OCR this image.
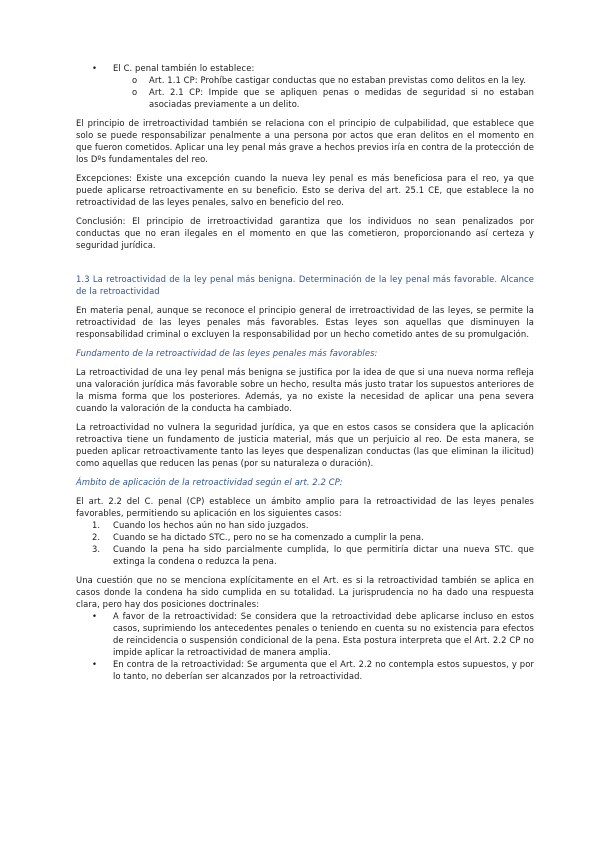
• El C. penal también lo establece:
o Art. 1.1 CP: Prohíbe castigar conductas que no estaban previstas como delitos en la ley.
o Art. 2.1 CP: Impide que se apliquen penas o medidas de seguridad si no estaban asociadas previamente a un delito.

El principio de irretroactividad también se relaciona con el principio de culpabilidad, que establece que solo se puede responsabilizar penalmente a una persona por actos que eran delitos en el momento en que fueron cometidos. Aplicar una ley penal más grave a hechos previos iría en contra de la protección de los Dºs fundamentales del reo.

Excepciones: Existe una excepción cuando la nueva ley penal es más beneficiosa para el reo, ya que puede aplicarse retroactivamente en su beneficio. Esto se deriva del art. 25.1 CE, que establece la no retroactividad de las leyes penales, salvo en beneficio del reo.

Conclusión: El principio de irretroactividad garantiza que los individuos no sean penalizados por conductas que no eran ilegales en el momento en que las cometieron, proporcionando así certeza y seguridad jurídica.

1.3 La retroactividad de la ley penal más benigna. Determinación de la ley penal más favorable. Alcance de la retroactividad

En materia penal, aunque se reconoce el principio general de irretroactividad de las leyes, se permite la retroactividad de las leyes penales más favorables. Estas leyes son aquellas que disminuyen la responsabilidad criminal o excluyen la responsabilidad por un hecho cometido antes de su promulgación.

Fundamento de la retroactividad de las leyes penales más favorables:

La retroactividad de una ley penal más benigna se justifica por la idea de que si una nueva norma refleja una valoración jurídica más favorable sobre un hecho, resulta más justo tratar los supuestos anteriores de la misma forma que los posteriores. Además, ya no existe la necesidad de aplicar una pena severa cuando la valoración de la conducta ha cambiado.

La retroactividad no vulnera la seguridad jurídica, ya que en estos casos se considera que la aplicación retroactiva tiene un fundamento de justicia material, más que un perjuicio al reo. De esta manera, se pueden aplicar retroactivamente tanto las leyes que despenalizan conductas (las que eliminan la ilicitud) como aquellas que reducen las penas (por su naturaleza o duración).

Ámbito de aplicación de la retroactividad según el art. 2.2 CP:

El art. 2.2 del C. penal (CP) establece un ámbito amplio para la retroactividad de las leyes penales favorables, permitiendo su aplicación en los siguientes casos:

1. Cuando los hechos aún no han sido juzgados.
2. Cuando se ha dictado STC., pero no se ha comenzado a cumplir la pena.
3. Cuando la pena ha sido parcialmente cumplida, lo que permitiría dictar una nueva STC. que extinga la condena o reduzca la pena.

Una cuestión que no se menciona explícitamente en el Art. es si la retroactividad también se aplica en casos donde la condena ha sido cumplida en su totalidad. La jurisprudencia no ha dado una respuesta clara, pero hay dos posiciones doctrinales:

• A favor de la retroactividad: Se considera que la retroactividad debe aplicarse incluso en estos casos, suprimiendo los antecedentes penales o teniendo en cuenta su no existencia para efectos de reincidencia o suspensión condicional de la pena. Esta postura interpreta que el Art. 2.2 CP no impide aplicar la retroactividad de manera amplia.
• En contra de la retroactividad: Se argumenta que el Art. 2.2 no contempla estos supuestos, y por lo tanto, no deberían ser alcanzados por la retroactividad.
